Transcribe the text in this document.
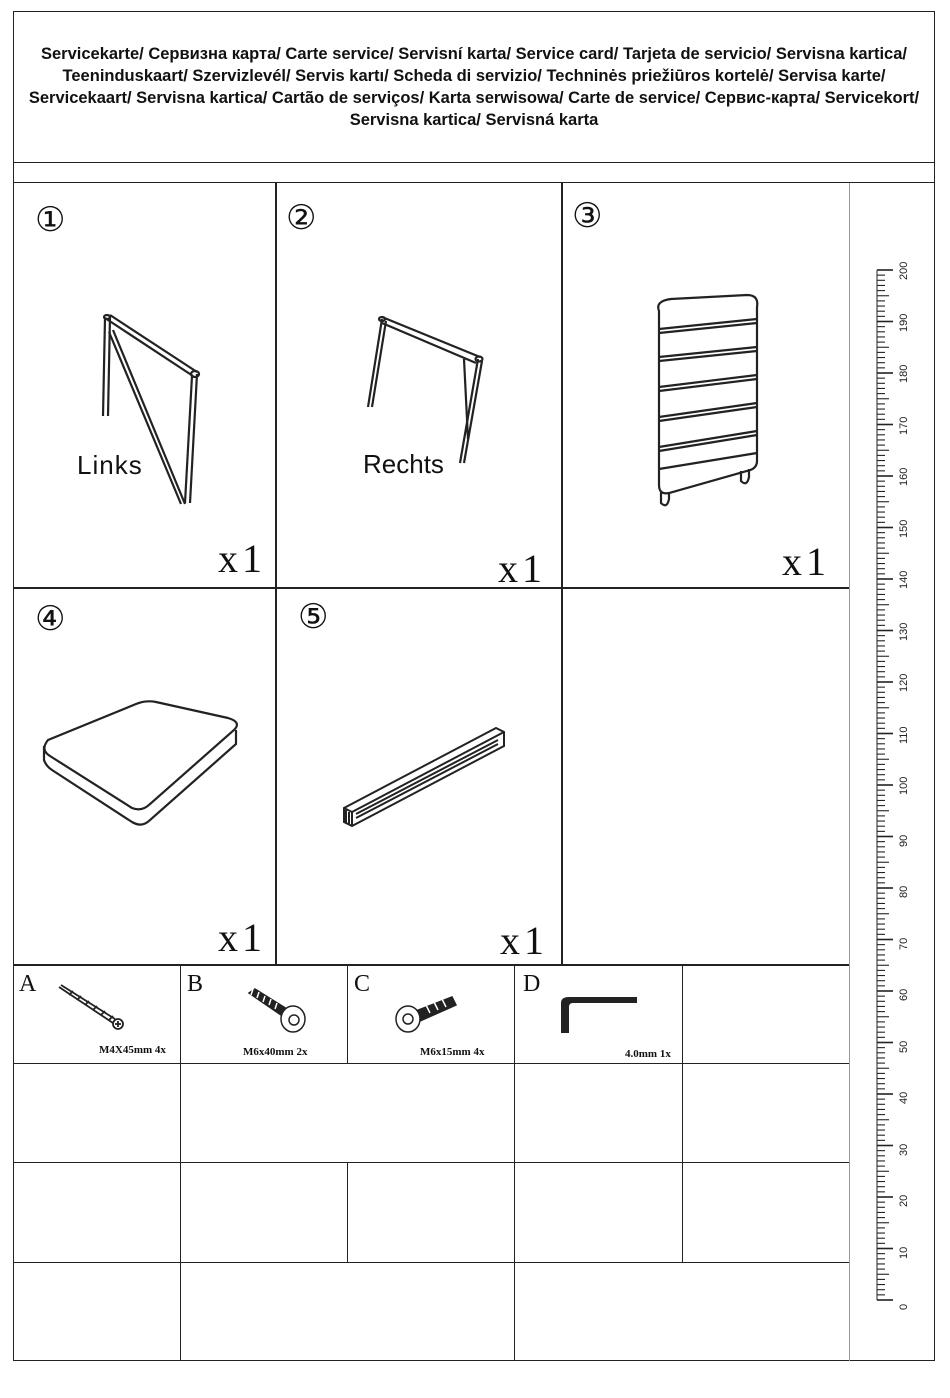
Servicekarte/ Сервизна карта/ Carte service/ Servisní karta/ Service card/ Tarjeta de servicio/ Servisna kartica/ Teeninduskaart/ Szervizlevél/ Servis kartı/ Scheda di servizio/ Techninės priežiūros kortelė/ Servisa karte/ Servicekaart/ Servisna kartica/ Cartão de serviços/ Karta serwisowa/ Carte de service/ Сервис-карта/ Servicekort/ Servisna kartica/ Servisná karta
①
Links
x1
②
Rechts
x1
③
x1
④
x1
⑤
x1
A
M4X45mm 4x
B
M6x40mm 2x
C
M6x15mm 4x
D
4.0mm 1x
200
190
180
170
160
150
140
130
120
110
100
90
80
70
60
50
40
30
20
10
0
